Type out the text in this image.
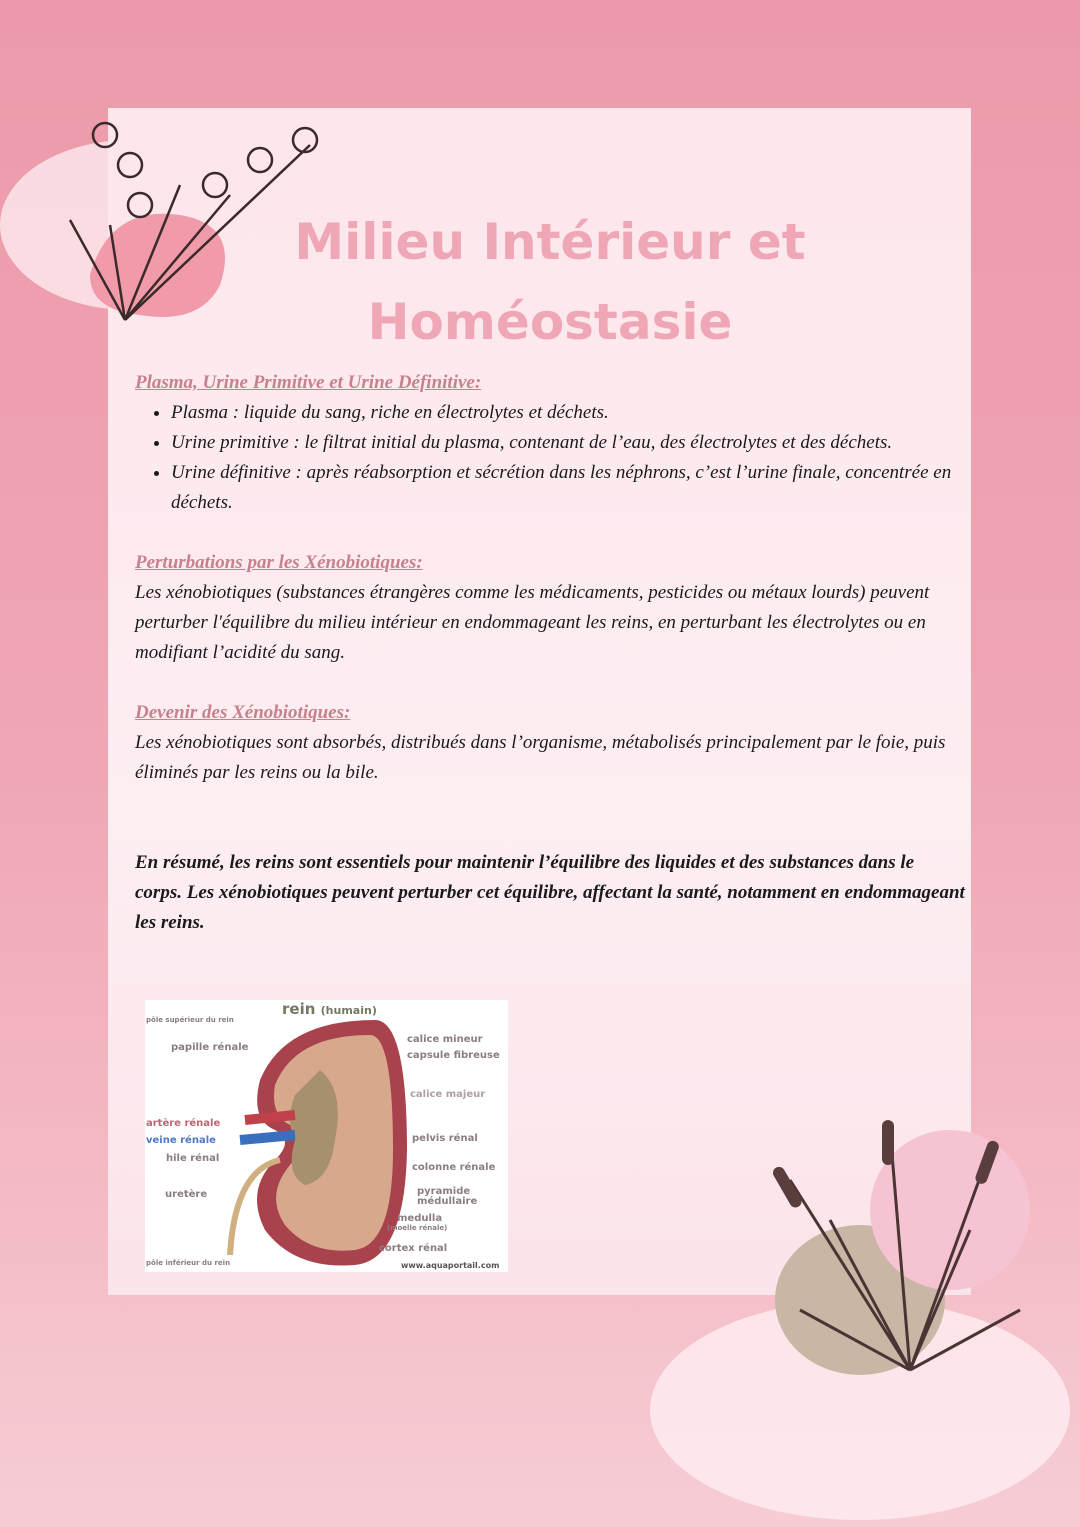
Milieu Intérieur et
Homéostasie
Plasma, Urine Primitive et Urine Définitive:
• Plasma : liquide du sang, riche en électrolytes et déchets.
• Urine primitive : le filtrat initial du plasma, contenant de l’eau, des électrolytes et des déchets.
• Urine définitive : après réabsorption et sécrétion dans les néphrons, c’est l’urine finale, concentrée en déchets.
Perturbations par les Xénobiotiques:

Les xénobiotiques (substances étrangères comme les médicaments, pesticides ou métaux lourds) peuvent perturber l'équilibre du milieu intérieur en endommageant les reins, en perturbant les électrolytes ou en modifiant l’acidité du sang.

Devenir des Xénobiotiques:

Les xénobiotiques sont absorbés, distribués dans l’organisme, métabolisés principalement par le foie, puis éliminés par les reins ou la bile.

En résumé, les reins sont essentiels pour maintenir l’équilibre des liquides et des substances dans le corps. Les xénobiotiques peuvent perturber cet équilibre, affectant la santé, notamment en endommageant les reins.

rein (humain)
pôle supérieur du rein
papille rénale
artère rénale
veine rénale
hile rénal
uretère
pôle inférieur du rein
calice mineur
capsule fibreuse
calice majeur
pelvis rénal
colonne rénale
pyramide médullaire
medulla
(moelle rénale)
cortex rénal
www.aquaportail.com
